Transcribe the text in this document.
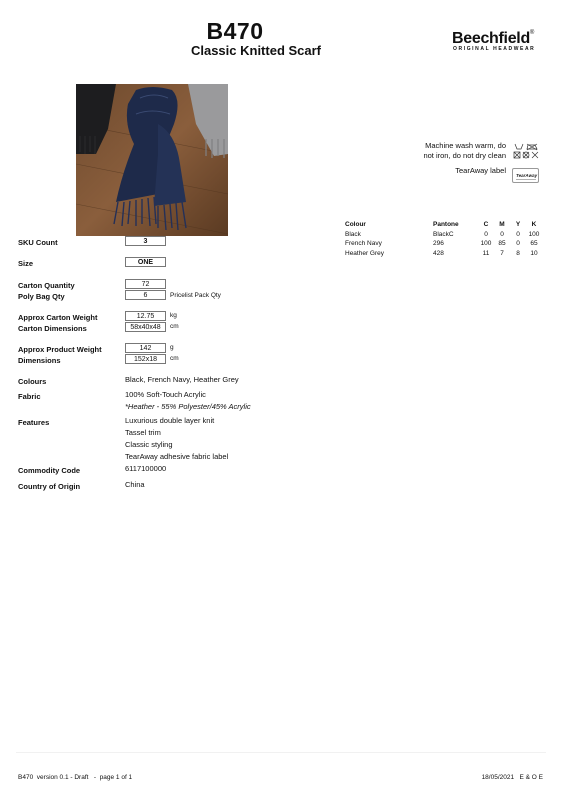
B470
Classic Knitted Scarf
Beechfield®
ORIGINAL HEADWEAR
Machine wash warm, do
not iron, do not dry clean
TearAway label
TearAway
Colour	Pantone	C	M	Y	K
Black	BlackC	0	0	0	100
French Navy	296	100	85	0	65
Heather Grey	428	11	7	8	10
SKU Count	3
Size	ONE
Carton Quantity	72
Poly Bag Qty	6	Pricelist Pack Qty
Approx Carton Weight	12.75	kg
Carton Dimensions	58x40x48	cm
Approx Product Weight	142	g
Dimensions	152x18	cm
Colours	Black, French Navy, Heather Grey
Fabric	100% Soft-Touch Acrylic
*Heather - 55% Polyester/45% Acrylic
Features	Luxurious double layer knit
Tassel trim
Classic styling
TearAway adhesive fabric label
Commodity Code	6117100000
Country of Origin	China
B470  version 0.1 - Draft   -  page 1 of 1	18/05/2021   E & O E
